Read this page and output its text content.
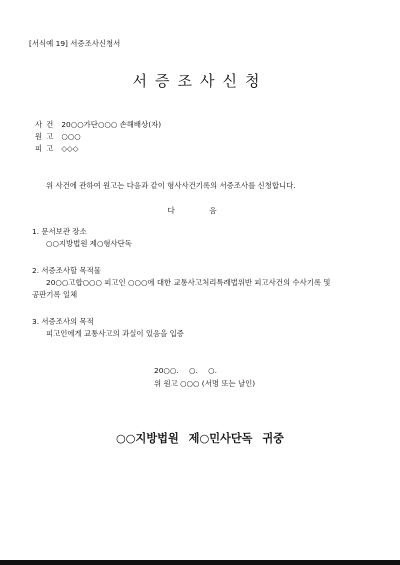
[서식예 19] 서증조사신청서
서증조사신청
사건 20○○가단○○○ 손해배상(자)
원고 ○○○
피고 ◇◇◇
위 사건에 관하여 원고는 다음과 같이 형사사건기록의 서증조사를 신청합니다.
다 음
1. 문서보관 장소
○○지방법원 제○형사단독
2. 서증조사할 목적물
20○○고합○○○ 피고인 ○○○에 대한 교통사고처리특례법위반 피고사건의 수사기록 및
공판기록 일체
3. 서증조사의 목적
피고인에게 교통사고의 과실이 있음을 입증
20○○. ○. ○.
위 원고 ○○○ (서명 또는 날인)
○○지방법원 제○민사단독 귀중
